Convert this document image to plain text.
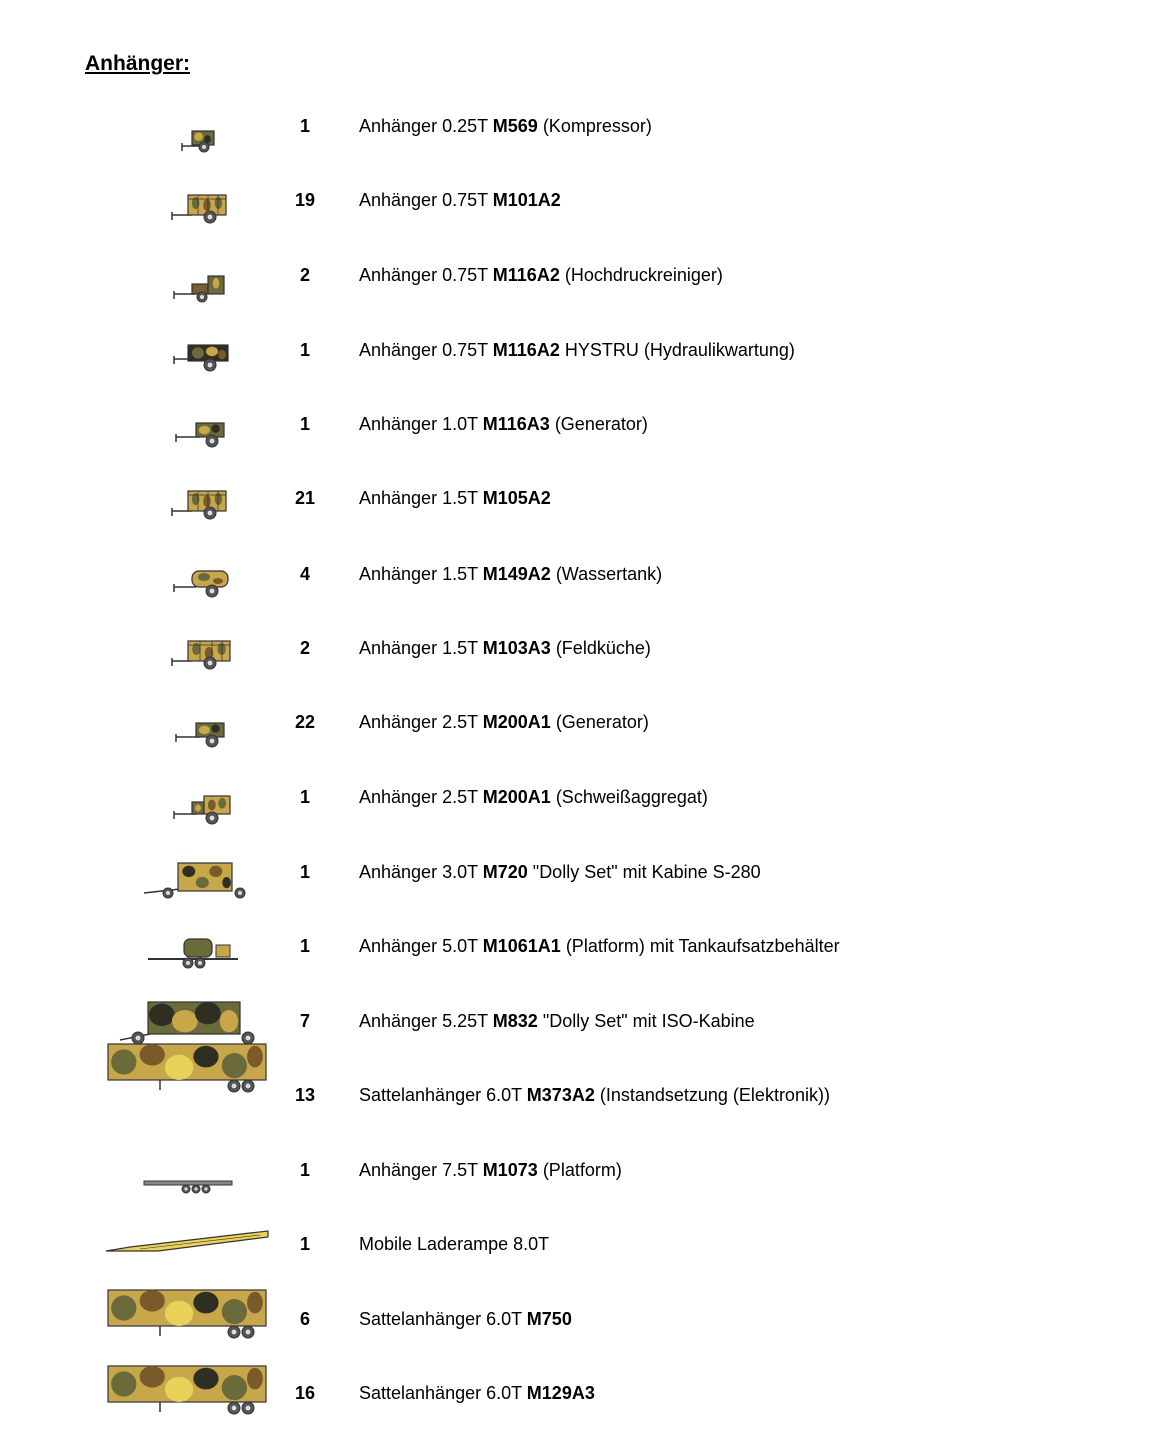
Anhänger:
1	Anhänger 0.25T M569 (Kompressor)
19	Anhänger 0.75T M101A2
2	Anhänger 0.75T M116A2 (Hochdruckreiniger)
1	Anhänger 0.75T M116A2 HYSTRU (Hydraulikwartung)
1	Anhänger 1.0T M116A3 (Generator)
21	Anhänger 1.5T M105A2
4	Anhänger 1.5T M149A2 (Wassertank)
2	Anhänger 1.5T M103A3 (Feldküche)
22	Anhänger 2.5T M200A1 (Generator)
1	Anhänger 2.5T M200A1 (Schweißaggregat)
1	Anhänger 3.0T M720 "Dolly Set" mit Kabine S-280
1	Anhänger 5.0T M1061A1 (Platform) mit Tankaufsatzbehälter
7	Anhänger 5.25T M832 "Dolly Set" mit ISO-Kabine
13	Sattelanhänger 6.0T M373A2 (Instandsetzung (Elektronik))
1	Anhänger 7.5T M1073 (Platform)
1	Mobile Laderampe 8.0T
6	Sattelanhänger 6.0T M750
16	Sattelanhänger 6.0T M129A3
